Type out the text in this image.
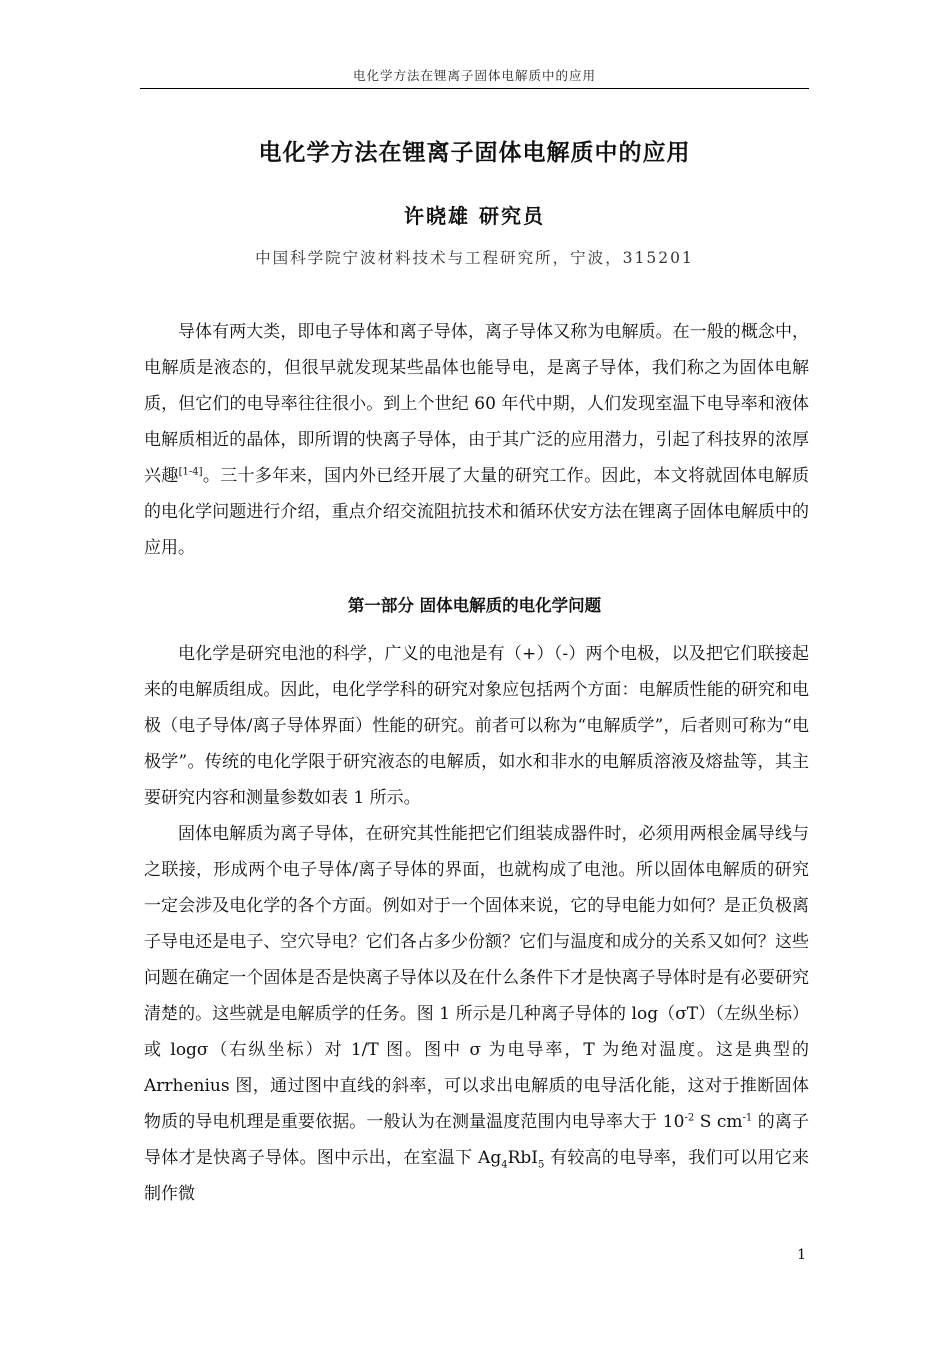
电化学方法在锂离子固体电解质中的应用
电化学方法在锂离子固体电解质中的应用
许晓雄 研究员
中国科学院宁波材料技术与工程研究所，宁波，315201

导体有两大类，即电子导体和离子导体，离子导体又称为电解质。在一般的概念中，电解质是液态的，但很早就发现某些晶体也能导电，是离子导体，我们称之为固体电解质，但它们的电导率往往很小。到上个世纪 60 年代中期，人们发现室温下电导率和液体电解质相近的晶体，即所谓的快离子导体，由于其广泛的应用潜力，引起了科技界的浓厚兴趣[1-4]。三十多年来，国内外已经开展了大量的研究工作。因此，本文将就固体电解质的电化学问题进行介绍，重点介绍交流阻抗技术和循环伏安方法在锂离子固体电解质中的应用。

第一部分 固体电解质的电化学问题

电化学是研究电池的科学，广义的电池是有（+）（-）两个电极，以及把它们联接起来的电解质组成。因此，电化学学科的研究对象应包括两个方面：电解质性能的研究和电极（电子导体/离子导体界面）性能的研究。前者可以称为“电解质学”，后者则可称为“电极学”。传统的电化学限于研究液态的电解质，如水和非水的电解质溶液及熔盐等，其主要研究内容和测量参数如表 1 所示。

固体电解质为离子导体，在研究其性能把它们组装成器件时，必须用两根金属导线与之联接，形成两个电子导体/离子导体的界面，也就构成了电池。所以固体电解质的研究一定会涉及电化学的各个方面。例如对于一个固体来说，它的导电能力如何？是正负极离子导电还是电子、空穴导电？它们各占多少份额？它们与温度和成分的关系又如何？这些问题在确定一个固体是否是快离子导体以及在什么条件下才是快离子导体时是有必要研究清楚的。这些就是电解质学的任务。图 1 所示是几种离子导体的 log（σT）（左纵坐标）或 logσ（右纵坐标）对 1/T 图。图中 σ 为电导率，T 为绝对温度。这是典型的 Arrhenius 图，通过图中直线的斜率，可以求出电解质的电导活化能，这对于推断固体物质的导电机理是重要依据。一般认为在测量温度范围内电导率大于 $10^{-2}$ S $cm^{-1}$ 的离子导体才是快离子导体。图中示出，在室温下 $Ag_4RbI_5$ 有较高的电导率，我们可以用它来制作微

1
